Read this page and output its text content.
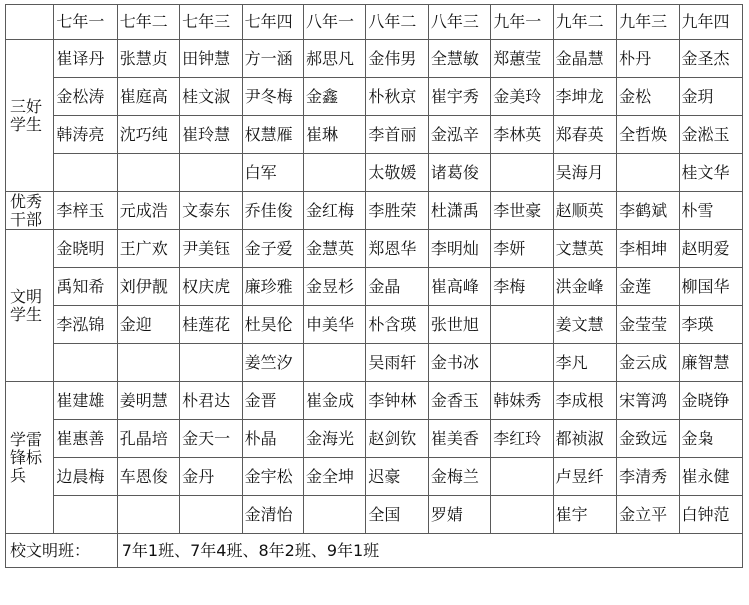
	七年一	七年二	七年三	七年四	八年一	八年二	八年三	九年一	九年二	九年三	九年四

三好
学生	崔译丹	张慧贞	田钟慧	方一涵	郝思凡	金伟男	全慧敏	郑蕙莹	金晶慧	朴丹	金圣杰
	金松涛	崔庭高	桂文淑	尹冬梅	金鑫	朴秋京	崔宇秀	金美玲	李坤龙	金松	金玥
	韩涛亮	沈巧纯	崔玲慧	权慧雁	崔琳	李首丽	金泓辛	李林英	郑春英	全哲焕	金淞玉
				白军		太敬媛	诸葛俊		吴海月		桂文华

优秀
干部	李梓玉	元成浩	文泰东	乔佳俊	金红梅	李胜荣	杜潇禹	李世豪	赵顺英	李鹤斌	朴雪

文明
学生	金晓明	王广欢	尹美钰	金子爱	金慧英	郑恩华	李明灿	李妍	文慧英	李相坤	赵明爱
	禹知希	刘伊靓	权庆虎	廉珍雅	金昱杉	金晶	崔高峰	李梅	洪金峰	金莲	柳国华
	李泓锦	金迎	桂莲花	杜昊伦	申美华	朴含瑛	张世旭		姜文慧	金莹莹	李瑛
				姜竺汐		吴雨轩	金书冰		李凡	金云成	廉智慧

学雷
锋标
兵	崔建雄	姜明慧	朴君达	金晋	崔金成	李钟林	金香玉	韩妹秀	李成根	宋箐鸿	金晓铮
	崔惠善	孔晶培	金天一	朴晶	金海光	赵剑钦	崔美香	李红玲	都祯淑	金致远	金枭
	边晨梅	车恩俊	金丹	金宇松	金全坤	迟豪	金梅兰		卢昱纤	李清秀	崔永健
				金清怡		全国	罗婧		崔宇	金立平	白钟范
校文明班：		7年1班、7年4班、8年2班、9年1班									
